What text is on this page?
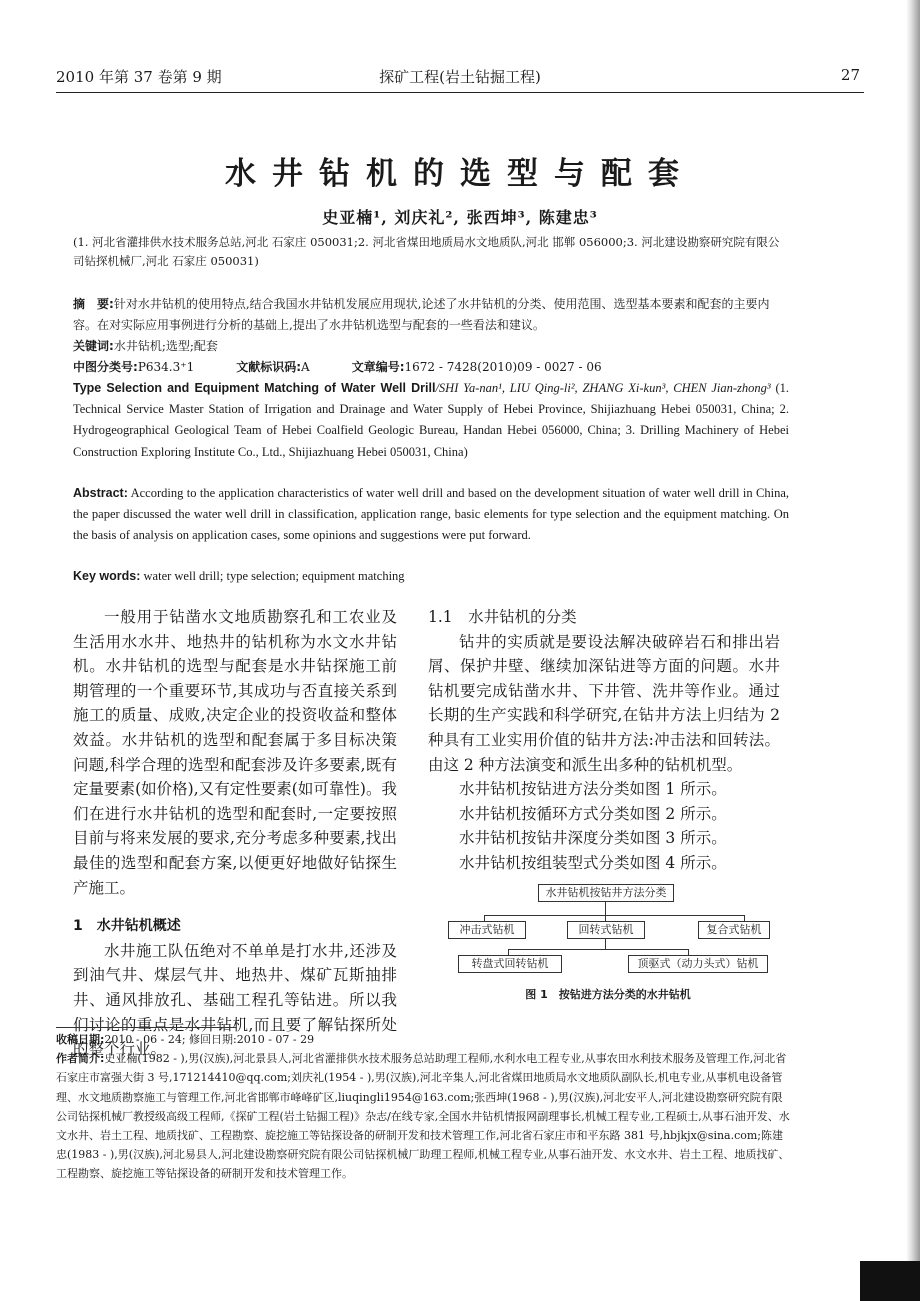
探矿工程(岩土钻掘工程)
2010 年第 37 卷第 9 期	27
水井钻机的选型与配套
史亚楠¹, 刘庆礼², 张西坤³, 陈建忠³
(1. 河北省灌排供水技术服务总站,河北 石家庄 050031;2. 河北省煤田地质局水文地质队,河北 邯郸 056000;3. 河北建设勘察研究院有限公司钻探机械厂,河北 石家庄 050031)
摘　要:针对水井钻机的使用特点,结合我国水井钻机发展应用现状,论述了水井钻机的分类、使用范围、选型基本要素和配套的主要内容。在对实际应用事例进行分析的基础上,提出了水井钻机选型与配套的一些看法和建议。
关键词:水井钻机;选型;配套
中图分类号:P634.3⁺1	文献标识码:A	文章编号:1672 - 7428(2010)09 - 0027 - 06
Type Selection and Equipment Matching of Water Well Drill/SHI Ya-nan¹, LIU Qing-li², ZHANG Xi-kun³, CHEN Jian-zhong³ (1. Technical Service Master Station of Irrigation and Drainage and Water Supply of Hebei Province, Shijiazhuang Hebei 050031, China; 2. Hydrogeographical Geological Team of Hebei Coalfield Geologic Bureau, Handan Hebei 056000, China; 3. Drilling Machinery of Hebei Construction Exploring Institute Co., Ltd., Shijiazhuang Hebei 050031, China)
Abstract: According to the application characteristics of water well drill and based on the development situation of water well drill in China, the paper discussed the water well drill in classification, application range, basic elements for type selection and the equipment matching. On the basis of analysis on application cases, some opinions and suggestions were put forward.
Key words: water well drill; type selection; equipment matching

一般用于钻凿水文地质勘察孔和工农业及生活用水水井、地热井的钻机称为水文水井钻机。水井钻机的选型与配套是水井钻探施工前期管理的一个重要环节,其成功与否直接关系到施工的质量、成败,决定企业的投资收益和整体效益。水井钻机的选型和配套属于多目标决策问题,科学合理的选型和配套涉及许多要素,既有定量要素(如价格),又有定性要素(如可靠性)。我们在进行水井钻机的选型和配套时,一定要按照目前与将来发展的要求,充分考虑多种要素,找出最佳的选型和配套方案,以便更好地做好钻探生产施工。

1　水井钻机概述

水井施工队伍绝对不单单是打水井,还涉及到油气井、煤层气井、地热井、煤矿瓦斯抽排井、通风排放孔、基础工程孔等钻进。所以我们讨论的重点是水井钻机,而且要了解钻探所处的整个行业。

1.1　水井钻机的分类

钻井的实质就是要设法解决破碎岩石和排出岩屑、保护井壁、继续加深钻进等方面的问题。水井钻机要完成钻凿水井、下井管、洗井等作业。通过长期的生产实践和科学研究,在钻井方法上归结为 2 种具有工业实用价值的钻井方法:冲击法和回转法。由这 2 种方法演变和派生出多种的钻机机型。

水井钻机按钻进方法分类如图 1 所示。

水井钻机按循环方式分类如图 2 所示。

水井钻机按钻井深度分类如图 3 所示。

水井钻机按组装型式分类如图 4 所示。

水井钻机按钻井方法分类
冲击式钻机	回转式钻机	复合式钻机
转盘式回转钻机	顶驱式（动力头式）钻机
图 1　按钻进方法分类的水井钻机
收稿日期:2010 - 06 - 24; 修回日期:2010 - 07 - 29
作者简介:史亚楠(1982 - ),男(汉族),河北景县人,河北省灌排供水技术服务总站助理工程师,水利水电工程专业,从事农田水利技术服务及管理工作,河北省石家庄市富强大街 3 号,171214410@qq.com;刘庆礼(1954 - ),男(汉族),河北辛集人,河北省煤田地质局水文地质队副队长,机电专业,从事机电设备管理、水文地质勘察施工与管理工作,河北省邯郸市峰峰矿区,liuqingli1954@163.com;张西坤(1968 - ),男(汉族),河北安平人,河北建设勘察研究院有限公司钻探机械厂教授级高级工程师,《探矿工程(岩土钻掘工程)》杂志/在线专家,全国水井钻机情报网副理事长,机械工程专业,工程硕士,从事石油开发、水文水井、岩土工程、地质找矿、工程勘察、旋挖施工等钻探设备的研制开发和技术管理工作,河北省石家庄市和平东路 381 号,hbjkjx@sina.com;陈建忠(1983 - ),男(汉族),河北易县人,河北建设勘察研究院有限公司钻探机械厂助理工程师,机械工程专业,从事石油开发、水文水井、岩土工程、地质找矿、工程勘察、旋挖施工等钻探设备的研制开发和技术管理工作。
